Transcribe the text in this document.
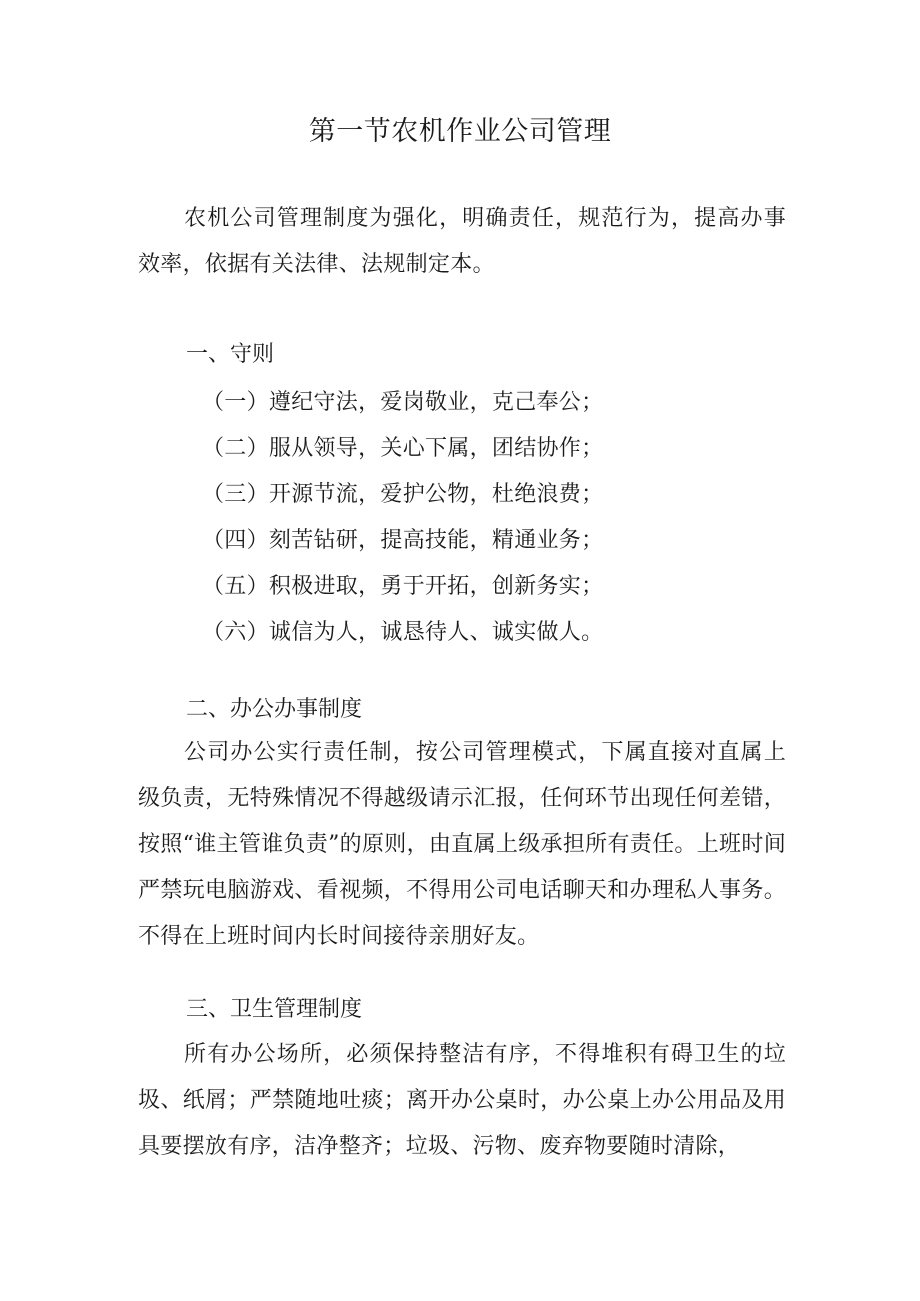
第一节农机作业公司管理
农机公司管理制度为强化，明确责任，规范行为，提高办事效率，依据有关法律、法规制定本。
一、守则
（一）遵纪守法，爱岗敬业，克己奉公；
（二）服从领导，关心下属，团结协作；
（三）开源节流，爱护公物，杜绝浪费；
（四）刻苦钻研，提高技能，精通业务；
（五）积极进取，勇于开拓，创新务实；
（六）诚信为人，诚恳待人、诚实做人。
二、办公办事制度
公司办公实行责任制，按公司管理模式，下属直接对直属上级负责，无特殊情况不得越级请示汇报，任何环节出现任何差错，按照“谁主管谁负责”的原则，由直属上级承担所有责任。上班时间严禁玩电脑游戏、看视频，不得用公司电话聊天和办理私人事务。不得在上班时间内长时间接待亲朋好友。
三、卫生管理制度
所有办公场所，必须保持整洁有序，不得堆积有碍卫生的垃圾、纸屑；严禁随地吐痰；离开办公桌时，办公桌上办公用品及用具要摆放有序，洁净整齐；垃圾、污物、废弃物要随时清除，
